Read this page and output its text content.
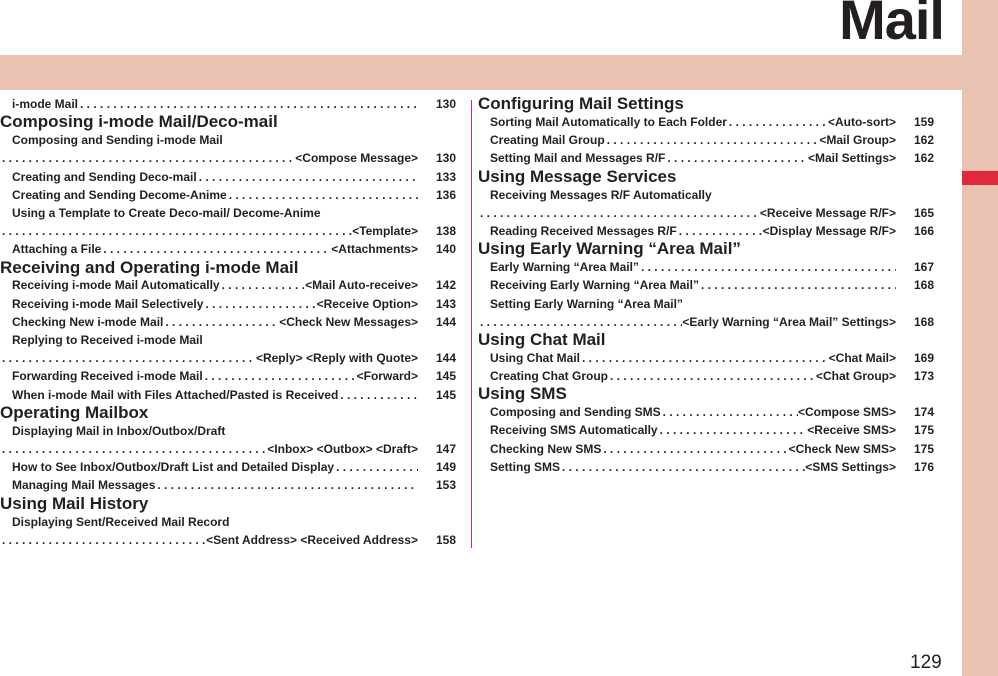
Mail
i-mode Mail . . .	130
Composing i-mode Mail/Deco-mail
Composing and Sending i-mode Mail
. . .
<Compose Message>	130
Creating and Sending Deco-mail . . .	133
Creating and Sending Decome-Anime . . .	136
Using a Template to Create Deco-mail/ Decome-Anime
. . .
<Template>	138
Attaching a File . . .	<Attachments>	140
Receiving and Operating i-mode Mail
Receiving i-mode Mail Automatically . . .	<Mail Auto-receive>	142
Receiving i-mode Mail Selectively . . .	<Receive Option>	143
Checking New i-mode Mail . . .	<Check New Messages>	144
Replying to Received i-mode Mail
. . .
<Reply> <Reply with Quote>	144
Forwarding Received i-mode Mail . . .	<Forward>	145
When i-mode Mail with Files Attached/Pasted is Received . . .	145
Operating Mailbox
Displaying Mail in Inbox/Outbox/Draft
. . .
<Inbox> <Outbox> <Draft>	147
How to See Inbox/Outbox/Draft List and Detailed Display . . .	149
Managing Mail Messages . . .	153
Using Mail History
Displaying Sent/Received Mail Record
. . .
<Sent Address> <Received Address>	158
Configuring Mail Settings
Sorting Mail Automatically to Each Folder . . .	<Auto-sort>	159
Creating Mail Group . . .	<Mail Group>	162
Setting Mail and Messages R/F . . .	<Mail Settings>	162
Using Message Services
Receiving Messages R/F Automatically
. . .
<Receive Message R/F>	165
Reading Received Messages R/F . . .	<Display Message R/F>	166
Using Early Warning “Area Mail”
Early Warning “Area Mail” . . .	167
Receiving Early Warning “Area Mail” . . .	168
Setting Early Warning “Area Mail”
. . .
<Early Warning “Area Mail” Settings>	168
Using Chat Mail
Using Chat Mail . . .	<Chat Mail>	169
Creating Chat Group . . .	<Chat Group>	173
Using SMS
Composing and Sending SMS . . .	<Compose SMS>	174
Receiving SMS Automatically . . .	<Receive SMS>	175
Checking New SMS . . .	<Check New SMS>	175
Setting SMS . . .	<SMS Settings>	176
129
